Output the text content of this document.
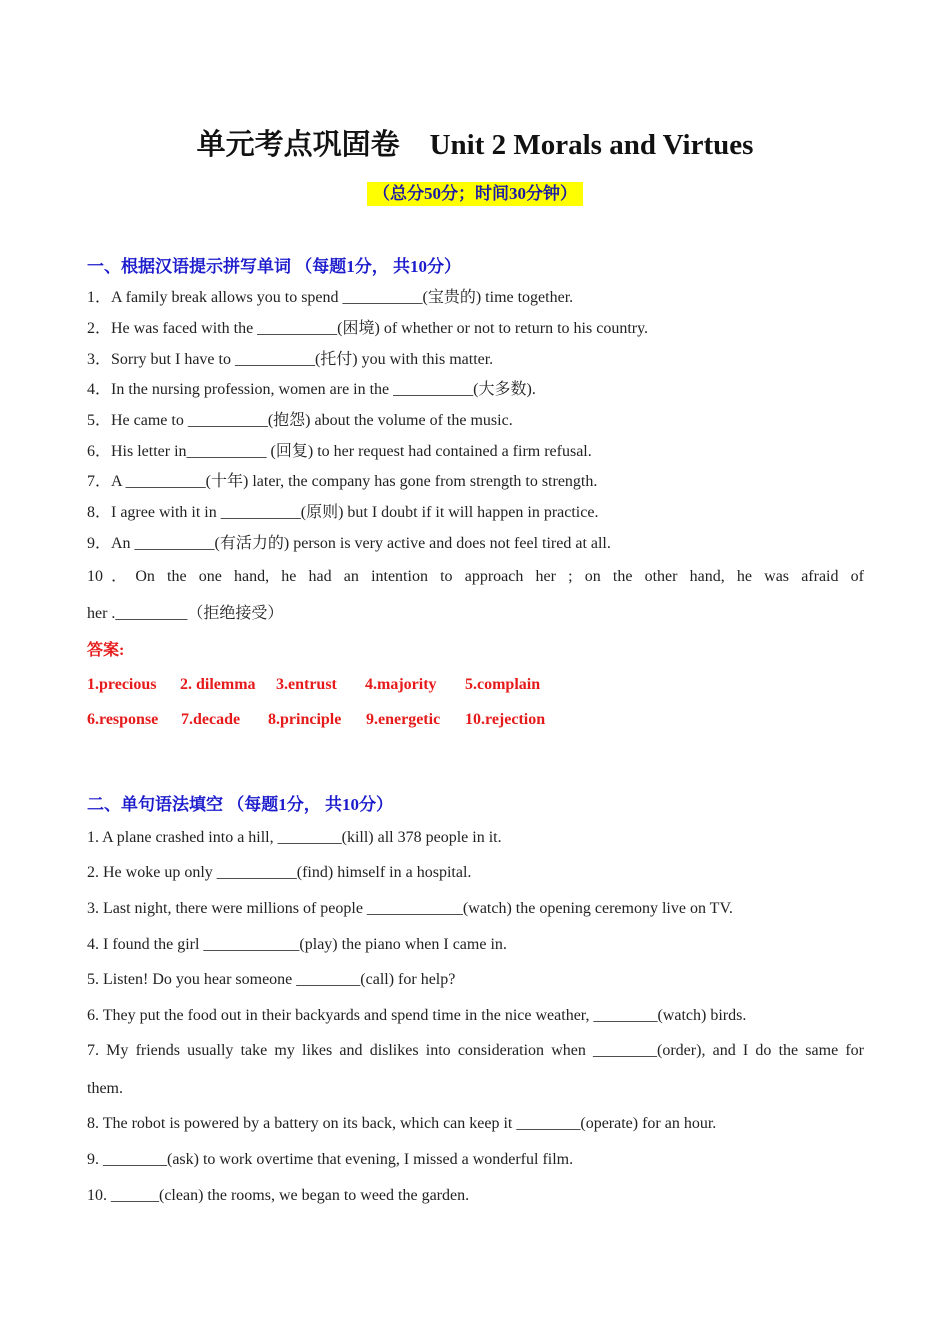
单元考点巩固卷 Unit 2 Morals and Virtues
（总分50分；时间30分钟）
一、根据汉语提示拼写单词 （每题1分， 共10分）
1．A family break allows you to spend __________(宝贵的) time together.
2．He was faced with the __________(困境) of whether or not to return to his country.
3．Sorry but I have to __________(托付) you with this matter.
4．In the nursing profession, women are in the __________(大多数).
5．He came to __________(抱怨) about the volume of the music.
6．His letter in__________ (回复) to her request had contained a firm refusal.
7．A __________(十年) later, the company has gone from strength to strength.
8．I agree with it in __________(原则) but I doubt if it will happen in practice.
9．An __________(有活力的) person is very active and does not feel tired at all.
10．On the one hand, he had an intention to approach her ; on the other hand, he was afraid of
her ._________（拒绝接受）
答案:
1.precious 2. dilemma 3.entrust 4.majority 5.complain
6.response 7.decade 8.principle 9.energetic 10.rejection
二、单句语法填空 （每题1分， 共10分）
1. A plane crashed into a hill, ________(kill) all 378 people in it.
2. He woke up only __________(find) himself in a hospital.
3. Last night, there were millions of people ____________(watch) the opening ceremony live on TV.
4. I found the girl ____________(play) the piano when I came in.
5. Listen! Do you hear someone ________(call) for help?
6. They put the food out in their backyards and spend time in the nice weather, ________(watch) birds.
7. My friends usually take my likes and dislikes into consideration when ________(order), and I do the same for
them.
8. The robot is powered by a battery on its back, which can keep it ________(operate) for an hour.
9. ________(ask) to work overtime that evening, I missed a wonderful film.
10. ______(clean) the rooms, we began to weed the garden.
